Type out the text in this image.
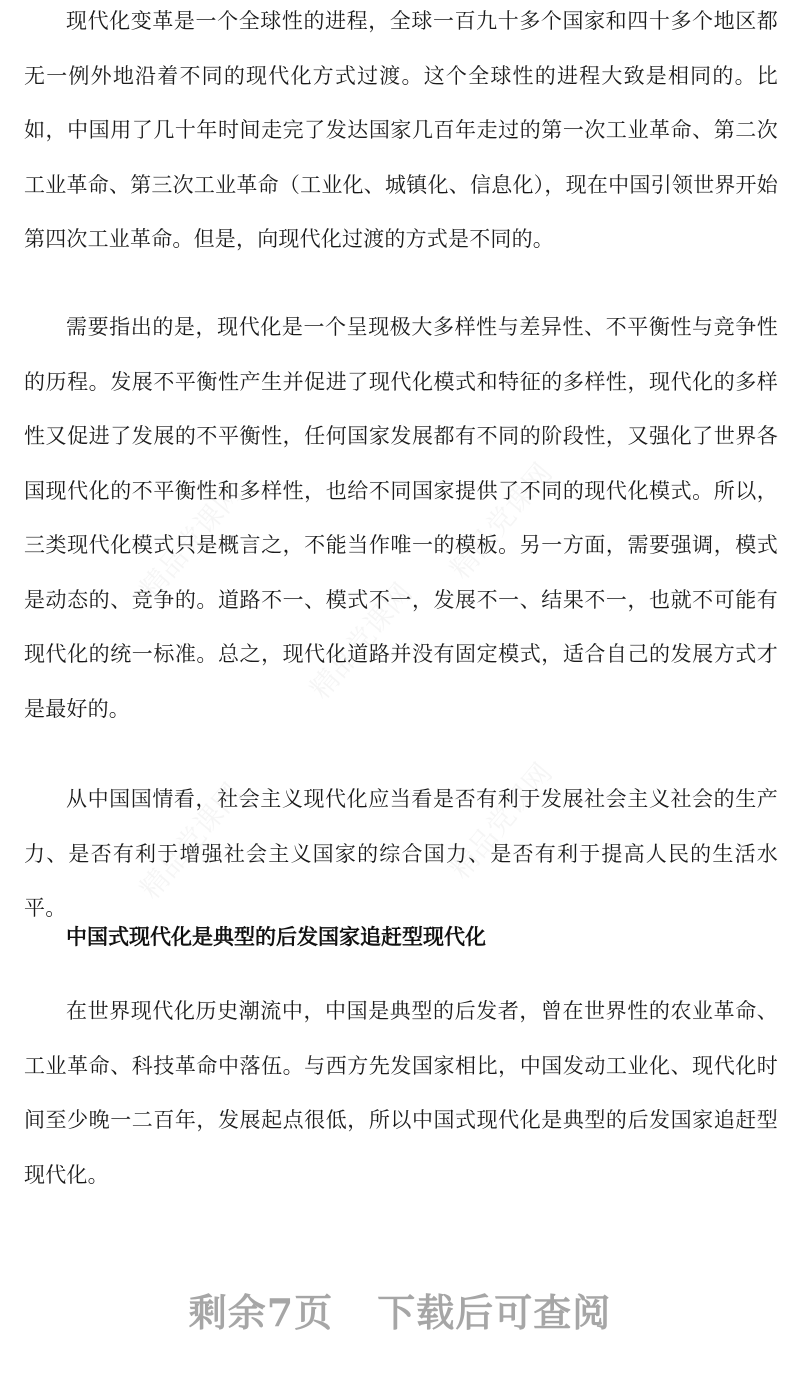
精品党课网	精品党课网
精品党课网
精品党课网	精品党课网

现代化变革是一个全球性的进程，全球一百九十多个国家和四十多个地区都无一例外地沿着不同的现代化方式过渡。这个全球性的进程大致是相同的。比如，中国用了几十年时间走完了发达国家几百年走过的第一次工业革命、第二次工业革命、第三次工业革命（工业化、城镇化、信息化），现在中国引领世界开始第四次工业革命。但是，向现代化过渡的方式是不同的。

需要指出的是，现代化是一个呈现极大多样性与差异性、不平衡性与竞争性的历程。发展不平衡性产生并促进了现代化模式和特征的多样性，现代化的多样性又促进了发展的不平衡性，任何国家发展都有不同的阶段性，又强化了世界各国现代化的不平衡性和多样性，也给不同国家提供了不同的现代化模式。所以，三类现代化模式只是概言之，不能当作唯一的模板。另一方面，需要强调，模式是动态的、竞争的。道路不一、模式不一，发展不一、结果不一，也就不可能有现代化的统一标准。总之，现代化道路并没有固定模式，适合自己的发展方式才是最好的。

从中国国情看，社会主义现代化应当看是否有利于发展社会主义社会的生产力、是否有利于增强社会主义国家的综合国力、是否有利于提高人民的生活水平。

中国式现代化是典型的后发国家追赶型现代化

在世界现代化历史潮流中，中国是典型的后发者，曾在世界性的农业革命、工业革命、科技革命中落伍。与西方先发国家相比，中国发动工业化、现代化时间至少晚一二百年，发展起点很低，所以中国式现代化是典型的后发国家追赶型现代化。

剩余7页 下载后可查阅
